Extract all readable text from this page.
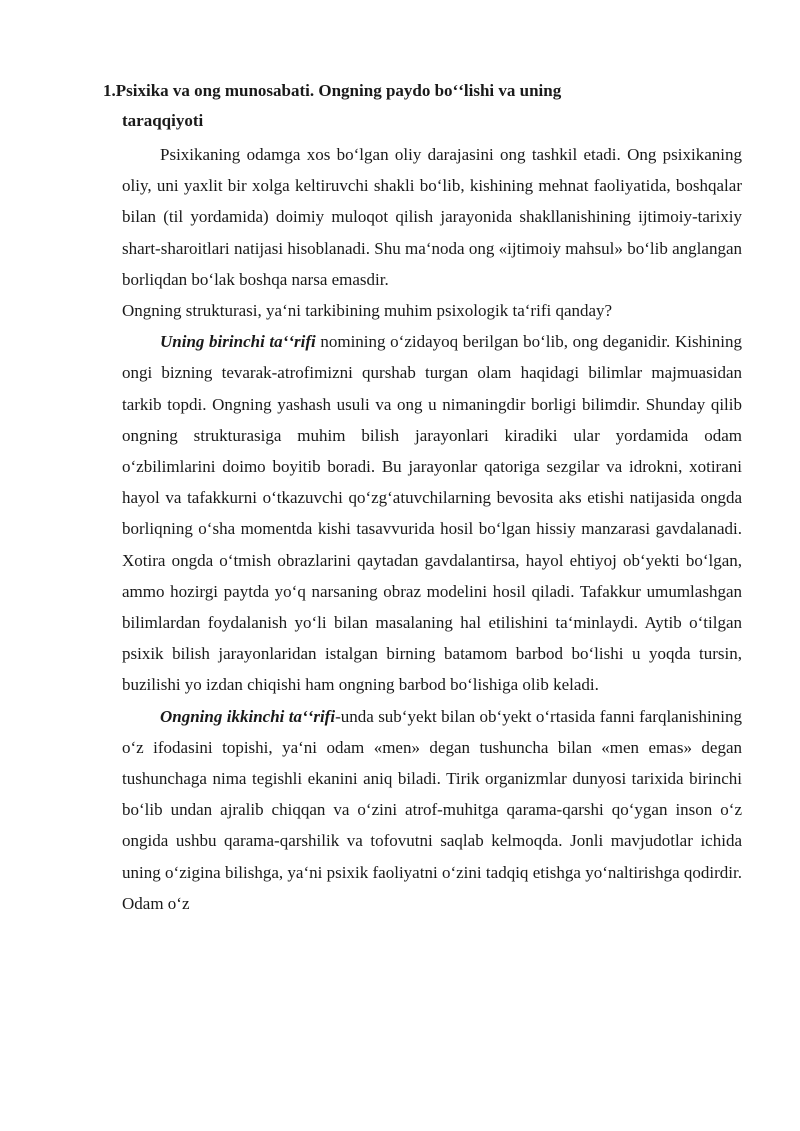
1.Psixika va ong munosabati. Ongning paydo boʻʻlishi va uning
taraqqiyoti

Psixikaning odamga xos boʻlgan oliy darajasini ong tashkil etadi. Ong psixikaning oliy, uni yaxlit bir xolga keltiruvchi shakli boʻlib, kishining mehnat faoliyatida, boshqalar bilan (til yordamida) doimiy muloqot qilish jarayonida shakllanishining ijtimoiy-tarixiy shart-sharoitlari natijasi hisoblanadi. Shu maʻnoda ong «ijtimoiy mahsul» boʻlib anglangan borliqdan boʻlak boshqa narsa emasdir.

Ongning strukturasi, yaʻni tarkibining muhim psixologik taʻrifi qanday?

Uning birinchi taʻʻrifi nomining oʻzidayoq berilgan boʻlib, ong deganidir. Kishining ongi bizning tevarak-atrofimizni qurshab turgan olam haqidagi bilimlar majmuasidan tarkib topdi. Ongning yashash usuli va ong u nimaningdir borligi bilimdir. Shunday qilib ongning strukturasiga muhim bilish jarayonlari kiradiki ular yordamida odam oʻzbilimlarini doimo boyitib boradi. Bu jarayonlar qatoriga sezgilar va idrokni, xotirani hayol va tafakkurni oʻtkazuvchi qoʻzgʻatuvchilarning bevosita aks etishi natijasida ongda borliqning oʻsha momentda kishi tasavvurida hosil boʻlgan hissiy manzarasi gavdalanadi. Xotira ongda oʻtmish obrazlarini qaytadan gavdalantirsa, hayol ehtiyoj obʻyekti boʻlgan, ammo hozirgi paytda yoʻq narsaning obraz modelini hosil qiladi. Tafakkur umumlashgan bilimlardan foydalanish yoʻli bilan masalaning hal etilishini taʻminlaydi. Aytib oʻtilgan psixik bilish jarayonlaridan istalgan birning batamom barbod boʻlishi u yoqda tursin, buzilishi yo izdan chiqishi ham ongning barbod boʻlishiga olib keladi.

Ongning ikkinchi taʻʻrifi-unda subʻyekt bilan obʻyekt oʻrtasida fanni farqlanishining oʻz ifodasini topishi, yaʻni odam «men» degan tushuncha bilan «men emas» degan tushunchaga nima tegishli ekanini aniq biladi. Tirik organizmlar dunyosi tarixida birinchi boʻlib undan ajralib chiqqan va oʻzini atrof-muhitga qarama-qarshi qoʻygan inson oʻz ongida ushbu qarama-qarshilik va tofovutni saqlab kelmoqda. Jonli mavjudotlar ichida uning oʻzigina bilishga, yaʻni psixik faoliyatni oʻzini tadqiq etishga yoʻnaltirishga qodirdir. Odam oʻz
